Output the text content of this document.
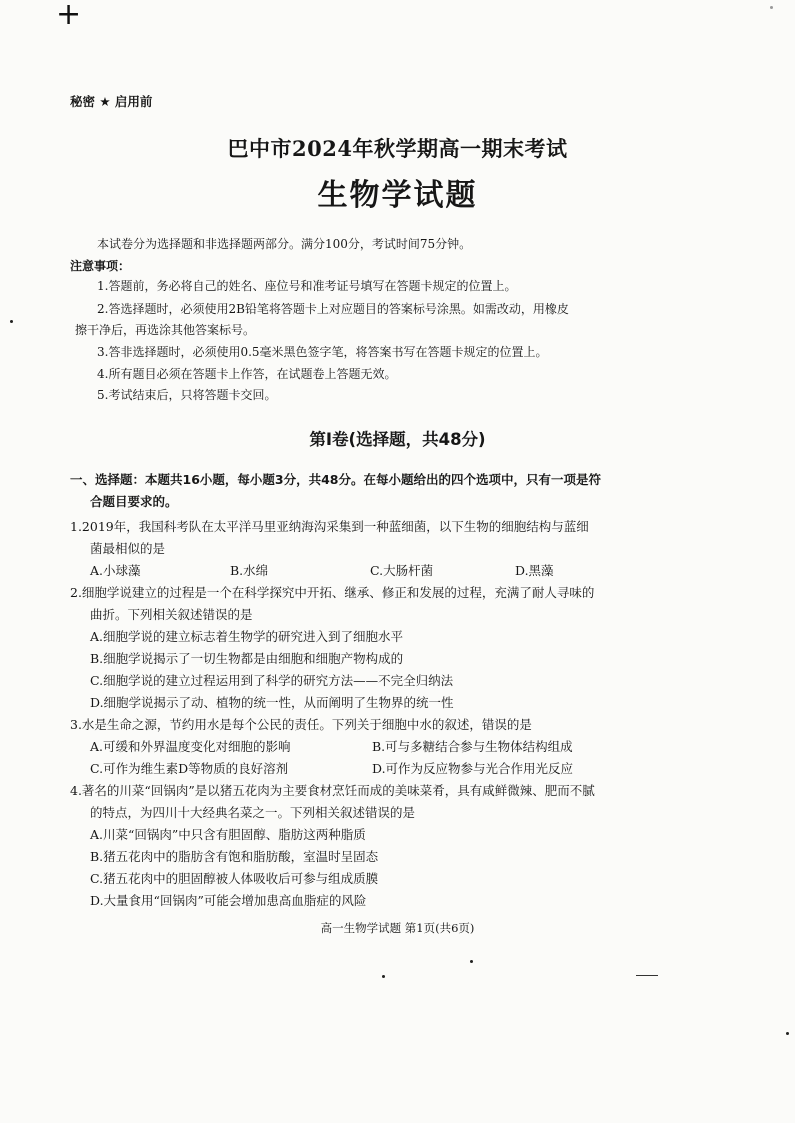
+
秘密 ★ 启用前
巴中市2024年秋学期高一期末考试
生物学试题
本试卷分为选择题和非选择题两部分。满分100分，考试时间75分钟。
注意事项：
1.答题前，务必将自己的姓名、座位号和准考证号填写在答题卡规定的位置上。
2.答选择题时，必须使用2B铅笔将答题卡上对应题目的答案标号涂黑。如需改动，用橡皮
擦干净后，再选涂其他答案标号。
3.答非选择题时，必须使用0.5毫米黑色签字笔，将答案书写在答题卡规定的位置上。
4.所有题目必须在答题卡上作答，在试题卷上答题无效。
5.考试结束后，只将答题卡交回。
第Ⅰ卷(选择题，共48分)
一、选择题：本题共16小题，每小题3分，共48分。在每小题给出的四个选项中，只有一项是符
合题目要求的。
1.2019年，我国科考队在太平洋马里亚纳海沟采集到一种蓝细菌，以下生物的细胞结构与蓝细
菌最相似的是
A.小球藻	B.水绵	C.大肠杆菌	D.黑藻
2.细胞学说建立的过程是一个在科学探究中开拓、继承、修正和发展的过程，充满了耐人寻味的
曲折。下列相关叙述错误的是
A.细胞学说的建立标志着生物学的研究进入到了细胞水平
B.细胞学说揭示了一切生物都是由细胞和细胞产物构成的
C.细胞学说的建立过程运用到了科学的研究方法——不完全归纳法
D.细胞学说揭示了动、植物的统一性，从而阐明了生物界的统一性
3.水是生命之源，节约用水是每个公民的责任。下列关于细胞中水的叙述，错误的是
A.可缓和外界温度变化对细胞的影响	B.可与多糖结合参与生物体结构组成
C.可作为维生素D等物质的良好溶剂	D.可作为反应物参与光合作用光反应
4.著名的川菜“回锅肉”是以猪五花肉为主要食材烹饪而成的美味菜肴，具有咸鲜微辣、肥而不腻
的特点，为四川十大经典名菜之一。下列相关叙述错误的是
A.川菜“回锅肉”中只含有胆固醇、脂肪这两种脂质
B.猪五花肉中的脂肪含有饱和脂肪酸，室温时呈固态
C.猪五花肉中的胆固醇被人体吸收后可参与组成质膜
D.大量食用“回锅肉”可能会增加患高血脂症的风险
高一生物学试题 第1页(共6页)
